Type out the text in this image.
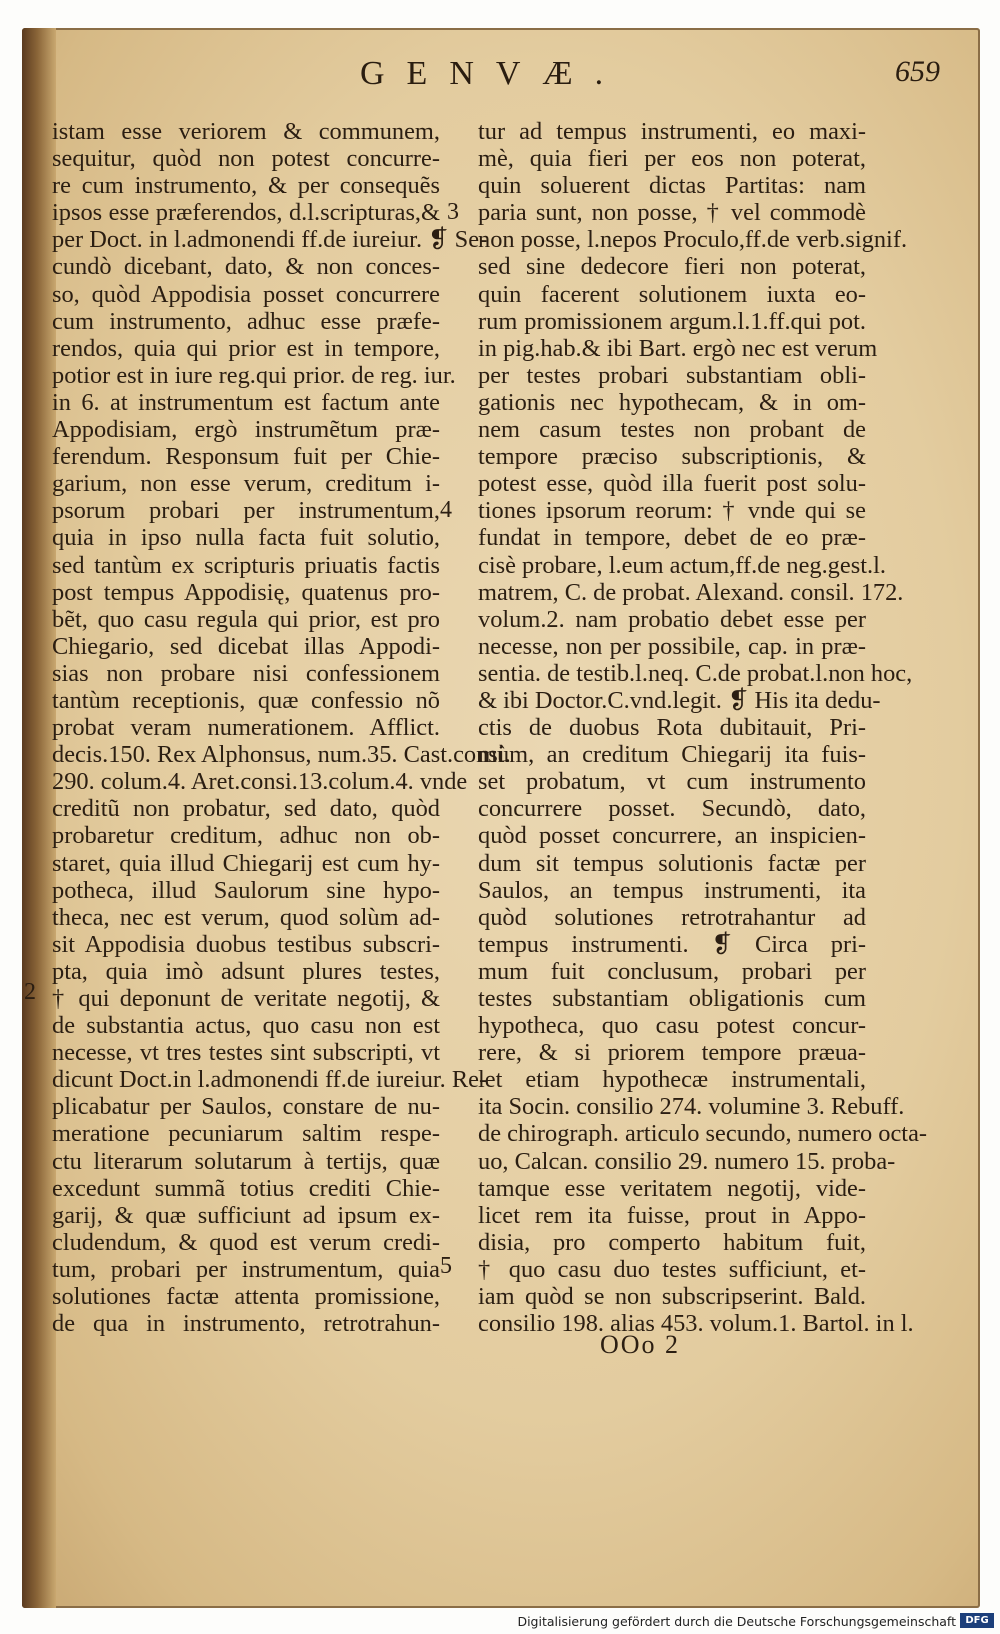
GENVÆ.	659
istam esse veriorem & communem,
sequitur, quòd non potest concurre-
re cum instrumento, & per consequẽs
ipsos esse præferendos, d.l.scripturas,&
per Doct. in l.admonendi ff.de iureiur. ❡ Se-
cundò dicebant, dato, & non conces-
so, quòd Appodisia posset concurrere
cum instrumento, adhuc esse præfe-
rendos, quia qui prior est in tempore,
potior est in iure reg.qui prior. de reg. iur.
in 6. at instrumentum est factum ante
Appodisiam, ergò instrumẽtum præ-
ferendum. Responsum fuit per Chie-
garium, non esse verum, creditum i-
psorum probari per instrumentum,
quia in ipso nulla facta fuit solutio,
sed tantùm ex scripturis priuatis factis
post tempus Appodisię, quatenus pro-
bẽt, quo casu regula qui prior, est pro
Chiegario, sed dicebat illas Appodi-
sias non probare nisi confessionem
tantùm receptionis, quæ confessio nõ
probat veram numerationem. Afflict.
decis.150. Rex Alphonsus, num.35. Cast.consi.
290. colum.4. Aret.consi.13.colum.4. vnde
creditũ non probatur, sed dato, quòd
probaretur creditum, adhuc non ob-
staret, quia illud Chiegarij est cum hy-
potheca, illud Saulorum sine hypo-
theca, nec est verum, quod solùm ad-
sit Appodisia duobus testibus subscri-
pta, quia imò adsunt plures testes,
† qui deponunt de veritate negotij, &
de substantia actus, quo casu non est
necesse, vt tres testes sint subscripti, vt
dicunt Doct.in l.admonendi ff.de iureiur. Re-
plicabatur per Saulos, constare de nu-
meratione pecuniarum saltim respe-
ctu literarum solutarum à tertijs, quæ
excedunt summã totius crediti Chie-
garij, & quæ sufficiunt ad ipsum ex-
cludendum, & quod est verum credi-
tum, probari per instrumentum, quia
solutiones factæ attenta promissione,
de qua in instrumento, retrotrahun-
tur ad tempus instrumenti, eo maxi-
mè, quia fieri per eos non poterat,
quin soluerent dictas Partitas: nam
paria sunt, non posse, † vel commodè
non posse, l.nepos Proculo,ff.de verb.signif.
sed sine dedecore fieri non poterat,
quin facerent solutionem iuxta eo-
rum promissionem argum.l.1.ff.qui pot.
in pig.hab.& ibi Bart. ergò nec est verum
per testes probari substantiam obli-
gationis nec hypothecam, & in om-
nem casum testes non probant de
tempore præciso subscriptionis, &
potest esse, quòd illa fuerit post solu-
tiones ipsorum reorum: † vnde qui se
fundat in tempore, debet de eo præ-
cisè probare, l.eum actum,ff.de neg.gest.l.
matrem, C. de probat. Alexand. consil. 172.
volum.2. nam probatio debet esse per
necesse, non per possibile, cap. in præ-
sentia. de testib.l.neq. C.de probat.l.non hoc,
& ibi Doctor.C.vnd.legit. ❡ His ita dedu-
ctis de duobus Rota dubitauit, Pri-
mùm, an creditum Chiegarij ita fuis-
set probatum, vt cum instrumento
concurrere posset. Secundò, dato,
quòd posset concurrere, an inspicien-
dum sit tempus solutionis factæ per
Saulos, an tempus instrumenti, ita
quòd solutiones retrotrahantur ad
tempus instrumenti. ❡ Circa pri-
mum fuit conclusum, probari per
testes substantiam obligationis cum
hypotheca, quo casu potest concur-
rere, & si priorem tempore præua-
let etiam hypothecæ instrumentali,
ita Socin. consilio 274. volumine 3. Rebuff.
de chirograph. articulo secundo, numero octa-
uo, Calcan. consilio 29. numero 15. proba-
tamque esse veritatem negotij, vide-
licet rem ita fuisse, prout in Appo-
disia, pro comperto habitum fuit,
† quo casu duo testes sufficiunt, et-
iam quòd se non subscripserint. Bald.
consilio 198. alias 453. volum.1. Bartol. in l.
2
3
4
5
OOo 2
Digitalisierung gefördert durch die Deutsche Forschungsgemeinschaft DFG
